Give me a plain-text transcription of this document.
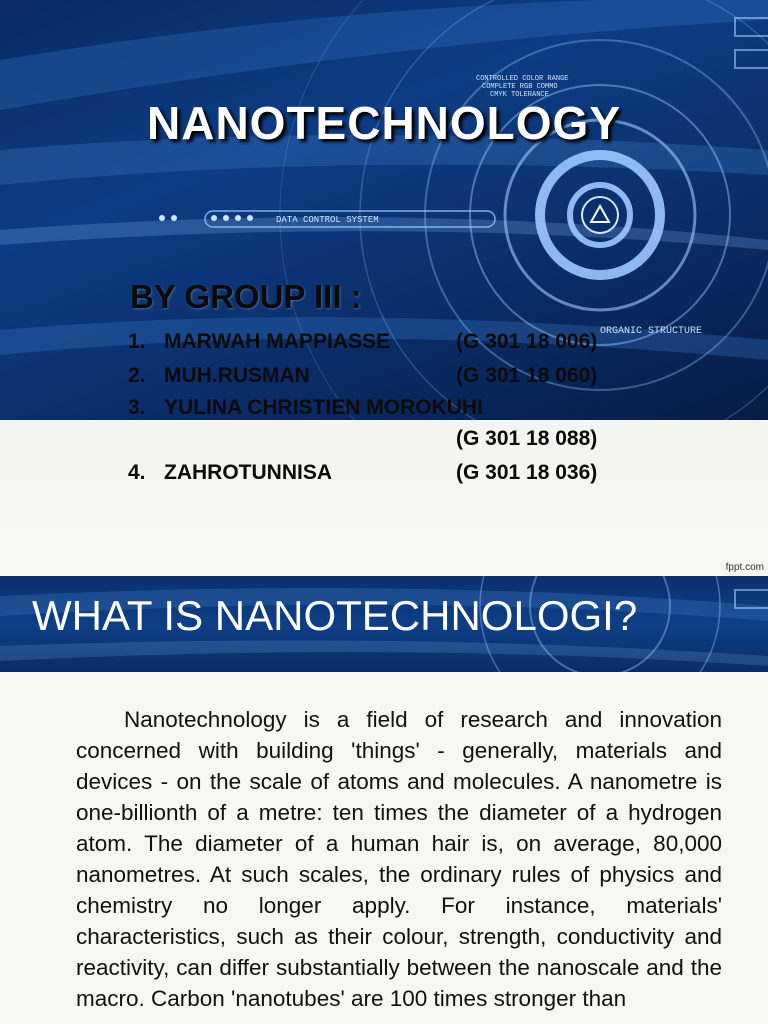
DATA CONTROL SYSTEM
CONTROLLED COLOR RANGE
COMPLETE RGB COMMO
CMYK TOLERANCE
ORGANIC STRUCTURE
NANOTECHNOLOGY
BY GROUP III :
1. MARWAH MAPPIASSE	(G 301 18 006)
2. MUH.RUSMAN	(G 301 18 060)
3. YULINA CHRISTIEN MOROKUHI
(G 301 18 088)
4. ZAHROTUNNISA	(G 301 18 036)
fppt.com
WHAT IS NANOTECHNOLOGI?

Nanotechnology is a field of research and innovation concerned with building 'things' - generally, materials and devices - on the scale of atoms and molecules. A nanometre is one-billionth of a metre: ten times the diameter of a hydrogen atom. The diameter of a human hair is, on average, 80,000 nanometres. At such scales, the ordinary rules of physics and chemistry no longer apply. For instance, materials' characteristics, such as their colour, strength, conductivity and reactivity, can differ substantially between the nanoscale and the macro. Carbon 'nanotubes' are 100 times stronger than
